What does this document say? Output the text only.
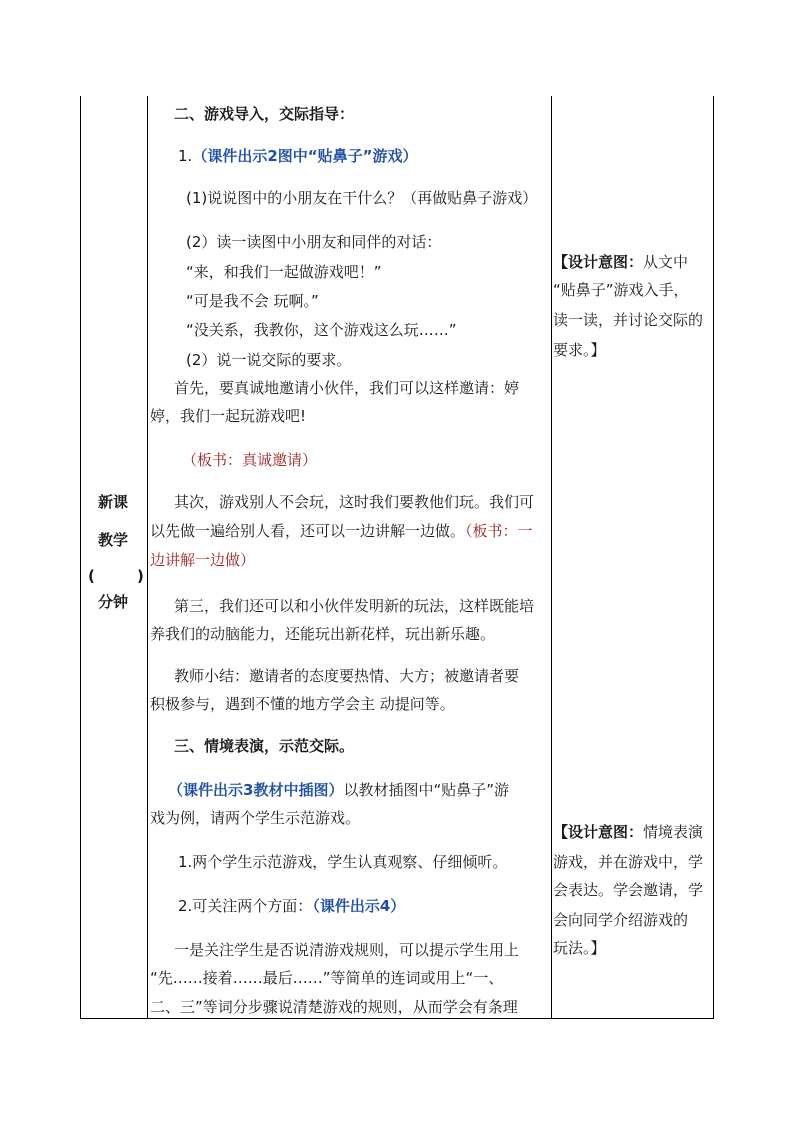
新课
教学
(	)
分钟
二、游戏导入，交际指导：
1.（课件出示2图中“贴鼻子”游戏）
(1)说说图中的小朋友在干什么？（再做贴鼻子游戏）
(2）读一读图中小朋友和同伴的对话：
“来，和我们一起做游戏吧！”
“可是我不会 玩啊。”
“没关系，我教你，这个游戏这么玩……”
(2）说一说交际的要求。
首先，要真诚地邀请小伙伴，我们可以这样邀请：婷
婷，我们一起玩游戏吧!
（板书：真诚邀请）
其次，游戏别人不会玩，这时我们要教他们玩。我们可
以先做一遍给别人看，还可以一边讲解一边做。（板书：一
边讲解一边做）
第三，我们还可以和小伙伴发明新的玩法，这样既能培
养我们的动脑能力，还能玩出新花样，玩出新乐趣。
教师小结：邀请者的态度要热情、大方；被邀请者要
积极参与，遇到不懂的地方学会主 动提问等。
三、情境表演，示范交际。
（课件出示3教材中插图）以教材插图中“贴鼻子”游
戏为例，请两个学生示范游戏。
1.两个学生示范游戏，学生认真观察、仔细倾听。
2.可关注两个方面：（课件出示4）
一是关注学生是否说清游戏规则，可以提示学生用上
“先……接着……最后……”等简单的连词或用上“一、
二、三”等词分步骤说清楚游戏的规则，从而学会有条理
【设计意图：从文中
“贴鼻子”游戏入手，
读一读，并讨论交际的
要求。】
【设计意图：情境表演
游戏，并在游戏中，学
会表达。学会邀请，学
会向同学介绍游戏的
玩法。】
